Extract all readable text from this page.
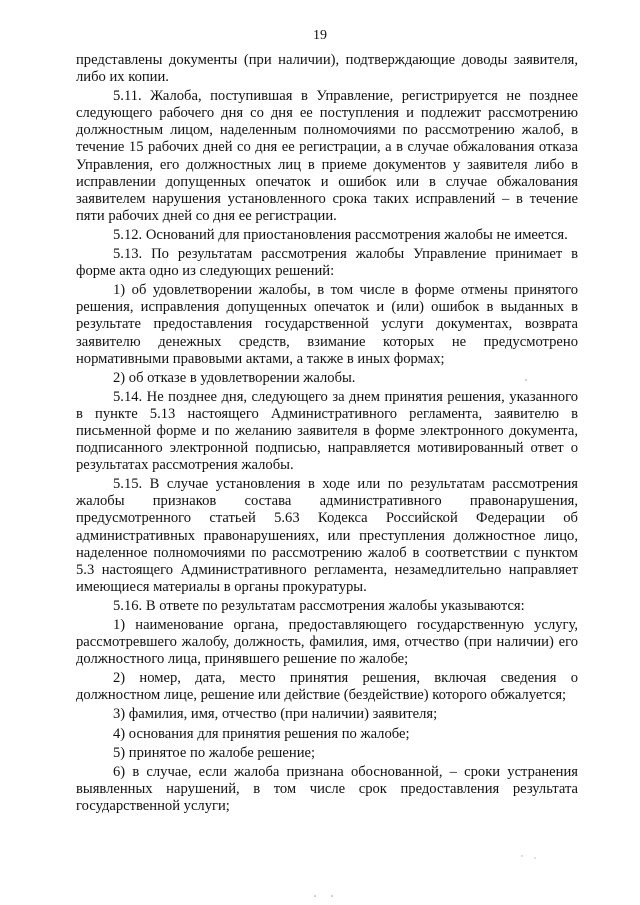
19

представлены документы (при наличии), подтверждающие доводы заявителя, либо их копии.

5.11. Жалоба, поступившая в Управление, регистрируется не позднее следующего рабочего дня со дня ее поступления и подлежит рассмотрению должностным лицом, наделенным полномочиями по рассмотрению жалоб, в течение 15 рабочих дней со дня ее регистрации, а в случае обжалования отказа Управления, его должностных лиц в приеме документов у заявителя либо в исправлении допущенных опечаток и ошибок или в случае обжалования заявителем нарушения установленного срока таких исправлений – в течение пяти рабочих дней со дня ее регистрации.

5.12. Оснований для приостановления рассмотрения жалобы не имеется.

5.13. По результатам рассмотрения жалобы Управление принимает в форме акта одно из следующих решений:

1) об удовлетворении жалобы, в том числе в форме отмены принятого решения, исправления допущенных опечаток и (или) ошибок в выданных в результате предоставления государственной услуги документах, возврата заявителю денежных средств, взимание которых не предусмотрено нормативными правовыми актами, а также в иных формах;

2) об отказе в удовлетворении жалобы.

5.14. Не позднее дня, следующего за днем принятия решения, указанного в пункте 5.13 настоящего Административного регламента, заявителю в письменной форме и по желанию заявителя в форме электронного документа, подписанного электронной подписью, направляется мотивированный ответ о результатах рассмотрения жалобы.

5.15. В случае установления в ходе или по результатам рассмотрения жалобы признаков состава административного правонарушения, предусмотренного статьей 5.63 Кодекса Российской Федерации об административных правонарушениях, или преступления должностное лицо, наделенное полномочиями по рассмотрению жалоб в соответствии с пунктом 5.3 настоящего Административного регламента, незамедлительно направляет имеющиеся материалы в органы прокуратуры.

5.16. В ответе по результатам рассмотрения жалобы указываются:

1) наименование органа, предоставляющего государственную услугу, рассмотревшего жалобу, должность, фамилия, имя, отчество (при наличии) его должностного лица, принявшего решение по жалобе;

2) номер, дата, место принятия решения, включая сведения о должностном лице, решение или действие (бездействие) которого обжалуется;

3) фамилия, имя, отчество (при наличии) заявителя;

4) основания для принятия решения по жалобе;

5) принятое по жалобе решение;

6) в случае, если жалоба признана обоснованной, – сроки устранения выявленных нарушений, в том числе срок предоставления результата государственной услуги;
